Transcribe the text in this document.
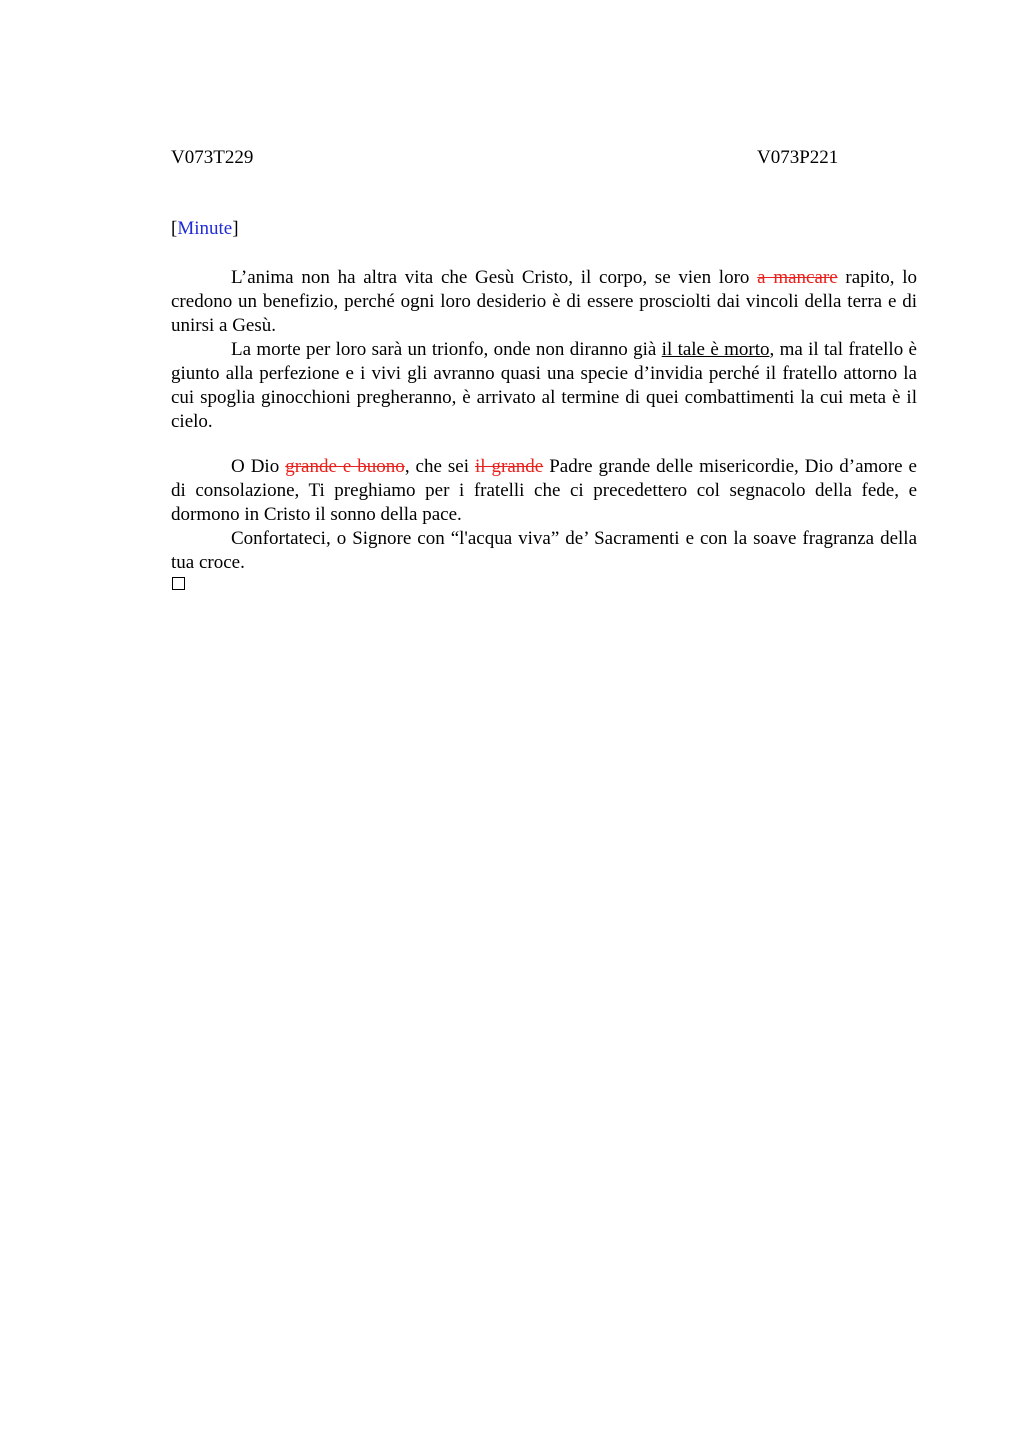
V073T229	V073P221
[Minute]

L’anima non ha altra vita che Gesù Cristo, il corpo, se vien loro a mancare rapito, lo credono un benefizio, perché ogni loro desiderio è di essere prosciolti dai vincoli della terra e di unirsi a Gesù.

La morte per loro sarà un trionfo, onde non diranno già il tale è morto, ma il tal fratello è giunto alla perfezione e i vivi gli avranno quasi una specie d’invidia perché il fratello attorno la cui spoglia ginocchioni pregheranno, è arrivato al termine di quei combattimenti la cui meta è il cielo.

O Dio grande e buono, che sei il grande Padre grande delle misericordie, Dio d’amore e di consolazione, Ti preghiamo per i fratelli che ci precedettero col segnacolo della fede, e dormono in Cristo il sonno della pace.

Confortateci, o Signore con “l'acqua viva” de’ Sacramenti e con la soave fragranza della tua croce.
